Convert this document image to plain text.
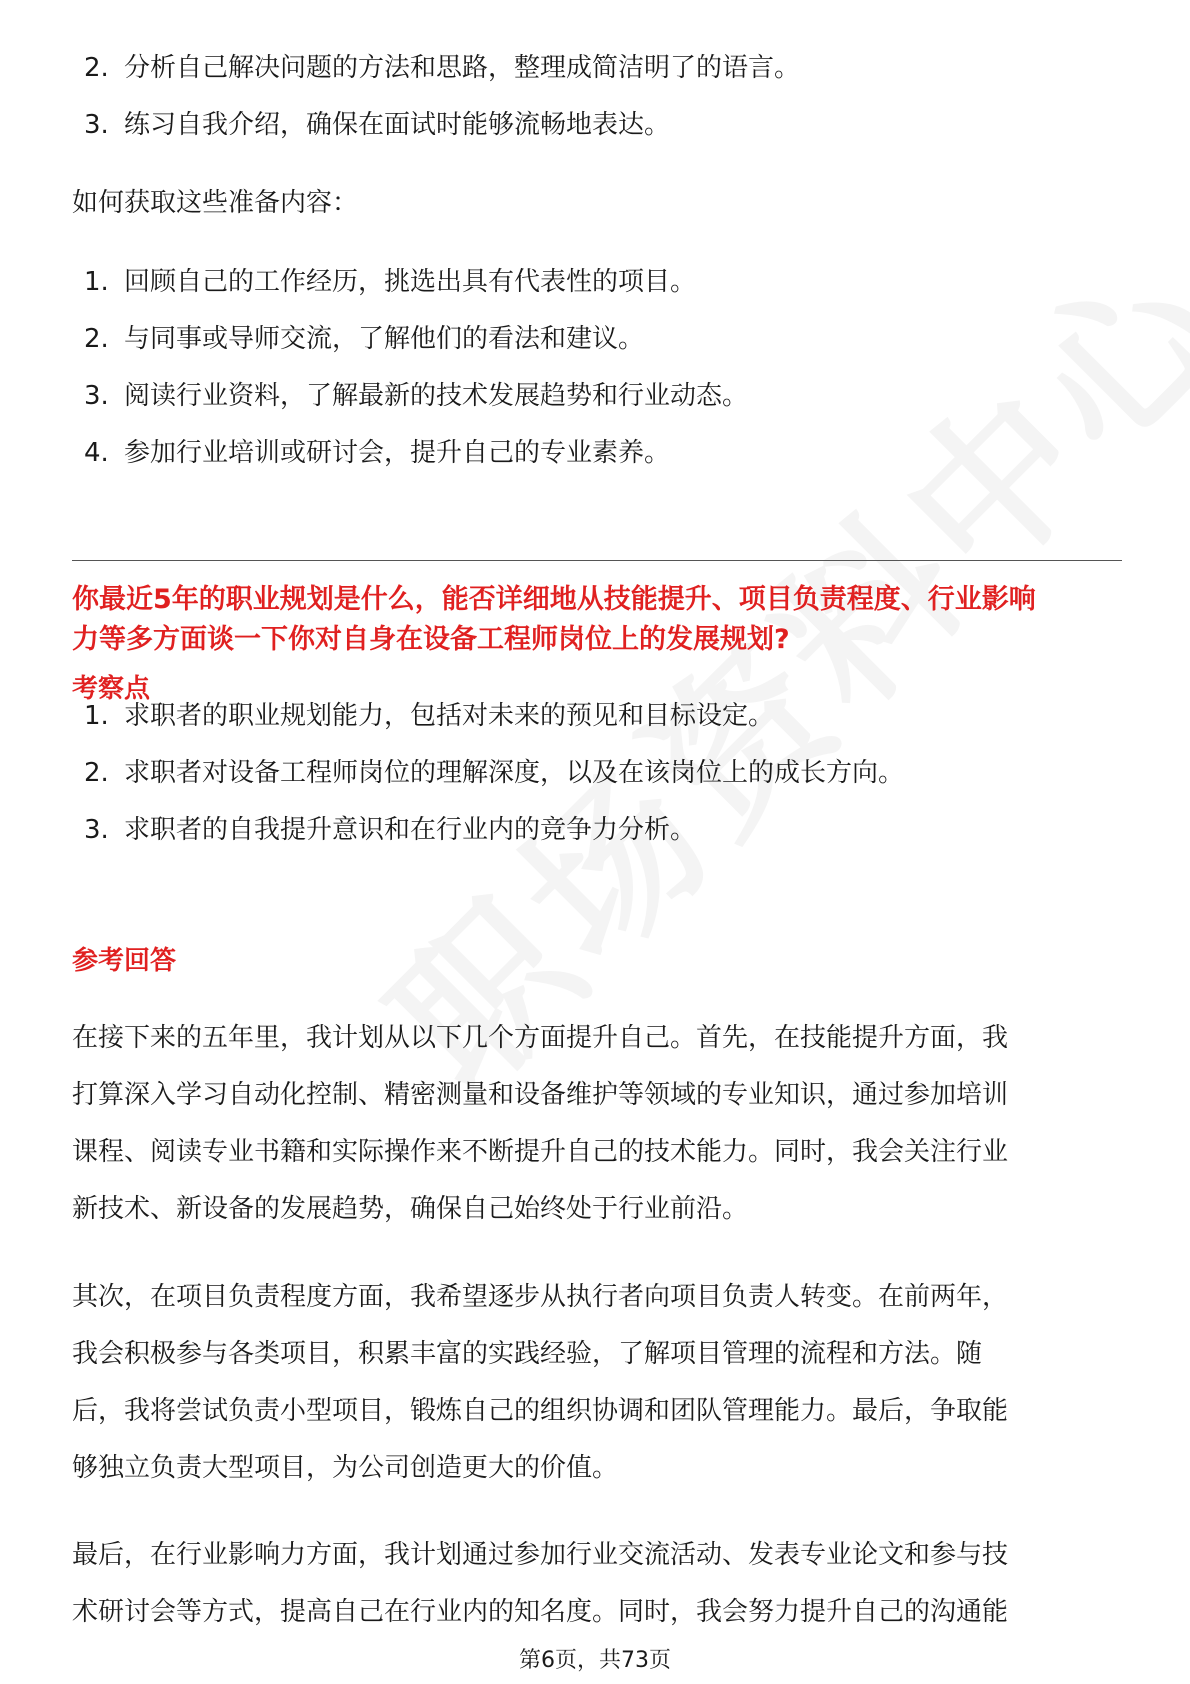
2. 分析自己解决问题的方法和思路，整理成简洁明了的语言。
3. 练习自我介绍，确保在面试时能够流畅地表达。

如何获取这些准备内容：

1. 回顾自己的工作经历，挑选出具有代表性的项目。
2. 与同事或导师交流，了解他们的看法和建议。
3. 阅读行业资料，了解最新的技术发展趋势和行业动态。
4. 参加行业培训或研讨会，提升自己的专业素养。
你最近5年的职业规划是什么，能否详细地从技能提升、项目负责程度、行业影响
力等多方面谈一下你对自身在设备工程师岗位上的发展规划?
考察点
1. 求职者的职业规划能力，包括对未来的预见和目标设定。
2. 求职者对设备工程师岗位的理解深度，以及在该岗位上的成长方向。
3. 求职者的自我提升意识和在行业内的竞争力分析。
参考回答

在接下来的五年里，我计划从以下几个方面提升自己。首先，在技能提升方面，我
打算深入学习自动化控制、精密测量和设备维护等领域的专业知识，通过参加培训
课程、阅读专业书籍和实际操作来不断提升自己的技术能力。同时，我会关注行业
新技术、新设备的发展趋势，确保自己始终处于行业前沿。

其次，在项目负责程度方面，我希望逐步从执行者向项目负责人转变。在前两年，
我会积极参与各类项目，积累丰富的实践经验，了解项目管理的流程和方法。随
后，我将尝试负责小型项目，锻炼自己的组织协调和团队管理能力。最后，争取能
够独立负责大型项目，为公司创造更大的价值。

最后，在行业影响力方面，我计划通过参加行业交流活动、发表专业论文和参与技
术研讨会等方式，提高自己在行业内的知名度。同时，我会努力提升自己的沟通能

第6页，共73页
